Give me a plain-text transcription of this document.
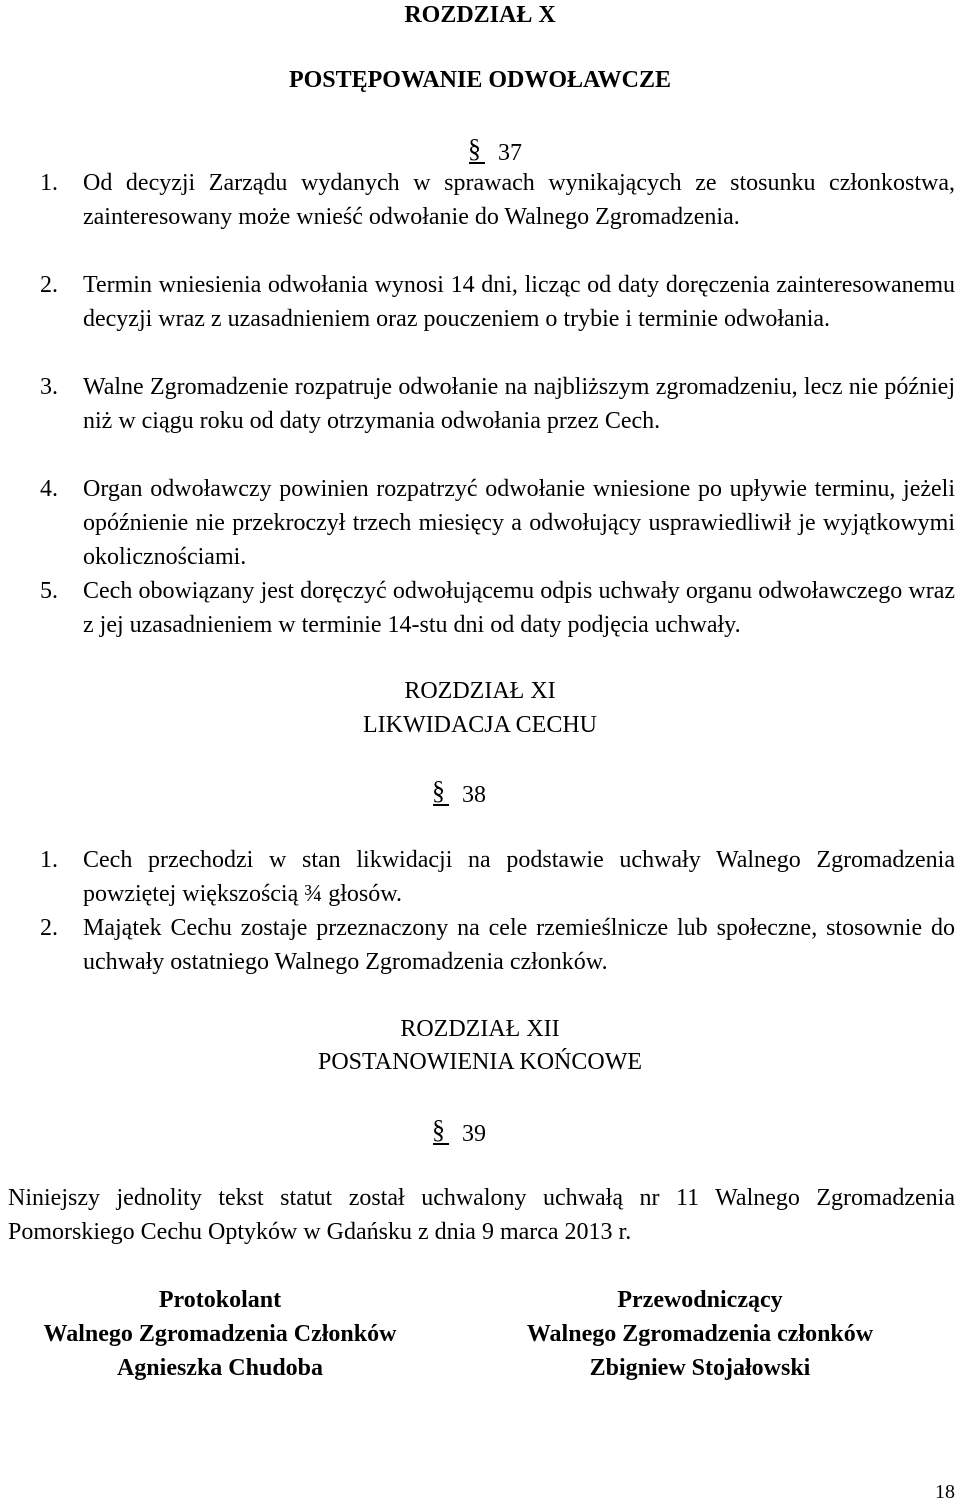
ROZDZIAŁ X
POSTĘPOWANIE ODWOŁAWCZE
§ 37
1. Od decyzji Zarządu wydanych w sprawach wynikających ze stosunku członkostwa, zainteresowany może wnieść odwołanie do Walnego Zgromadzenia.
2. Termin wniesienia odwołania wynosi 14 dni, licząc od daty doręczenia zainteresowanemu decyzji wraz z uzasadnieniem oraz pouczeniem o trybie i terminie odwołania.
3. Walne Zgromadzenie rozpatruje odwołanie na najbliższym zgromadzeniu, lecz nie później niż w ciągu roku od daty otrzymania odwołania przez Cech.
4. Organ odwoławczy powinien rozpatrzyć odwołanie wniesione po upływie terminu, jeżeli opóźnienie nie przekroczył trzech miesięcy a odwołujący usprawiedliwił je wyjątkowymi okolicznościami.
5. Cech obowiązany jest doręczyć odwołującemu odpis uchwały organu odwoławczego wraz z jej uzasadnieniem w terminie 14-stu dni od daty podjęcia uchwały.
ROZDZIAŁ XI
LIKWIDACJA CECHU
§ 38
1. Cech przechodzi w stan likwidacji na podstawie uchwały Walnego Zgromadzenia powziętej większością ¾ głosów.
2. Majątek Cechu zostaje przeznaczony na cele rzemieślnicze lub społeczne, stosownie do uchwały ostatniego Walnego Zgromadzenia członków.
ROZDZIAŁ XII
POSTANOWIENIA KOŃCOWE
§ 39
Niniejszy jednolity tekst statut został uchwalony uchwałą nr 11 Walnego Zgromadzenia Pomorskiego Cechu Optyków w Gdańsku z dnia 9 marca 2013 r.
Protokolant
Walnego Zgromadzenia Członków
Agnieszka Chudoba
Przewodniczący
Walnego Zgromadzenia członków
Zbigniew Stojałowski
18
